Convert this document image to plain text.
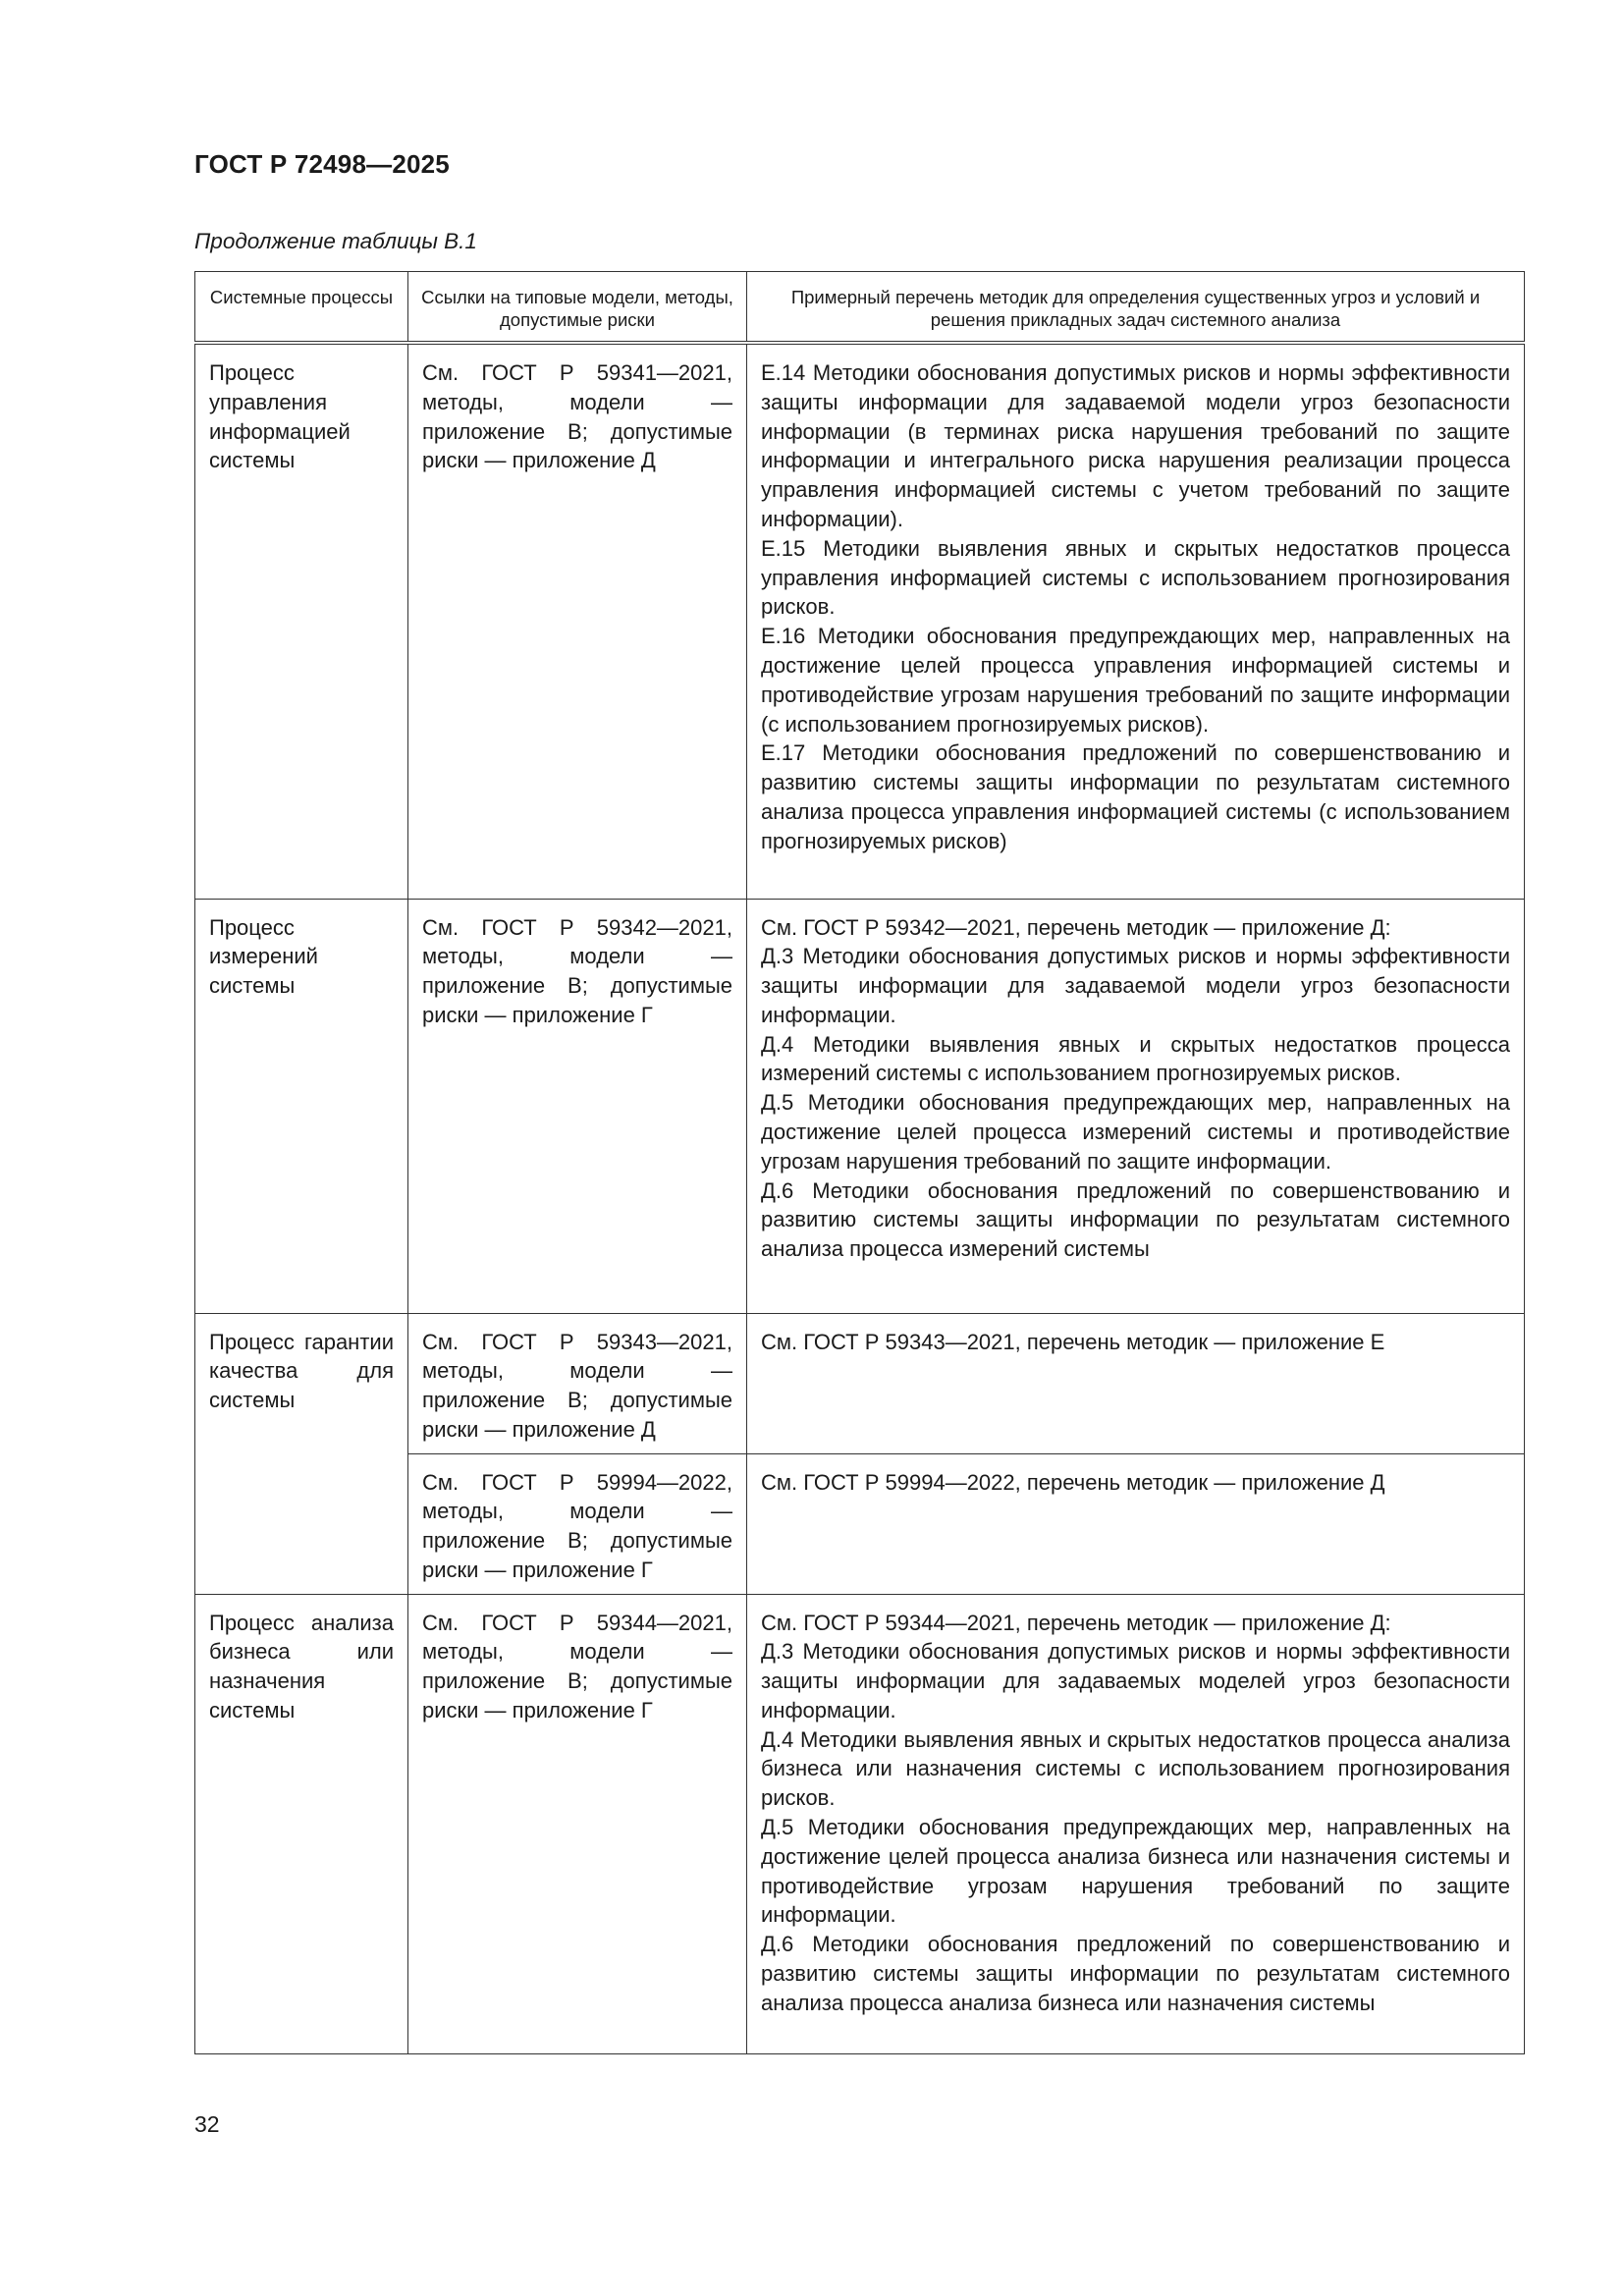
ГОСТ Р 72498—2025
Продолжение таблицы В.1
Системные процессы	Ссылки на типовые модели, методы, допустимые риски	Примерный перечень методик для определения существенных угроз и условий и решения прикладных задач системного анализа
Процесс управления информацией системы	См. ГОСТ Р 59341—2021, методы, модели — приложение В; допустимые риски — приложение Д	Е.14 Методики обоснования допустимых рисков и нормы эффективности защиты информации для задаваемой модели угроз безопасности информации (в терминах риска нарушения требований по защите информации и интегрального риска нарушения реализации процесса управления информацией системы с учетом требований по защите информации).
Е.15 Методики выявления явных и скрытых недостатков процесса управления информацией системы с использованием прогнозирования рисков.
Е.16 Методики обоснования предупреждающих мер, направленных на достижение целей процесса управления информацией системы и противодействие угрозам нарушения требований по защите информации (с использованием прогнозируемых рисков).
Е.17 Методики обоснования предложений по совершенствованию и развитию системы защиты информации по результатам системного анализа процесса управления информацией системы (с использованием прогнозируемых рисков)

Процесс измерений системы	См. ГОСТ Р 59342—2021, методы, модели — приложение В; допустимые риски — приложение Г	См. ГОСТ Р 59342—2021, перечень методик — приложение Д:
Д.3 Методики обоснования допустимых рисков и нормы эффективности защиты информации для задаваемой модели угроз безопасности информации.
Д.4 Методики выявления явных и скрытых недостатков процесса измерений системы с использованием прогнозируемых рисков.
Д.5 Методики обоснования предупреждающих мер, направленных на достижение целей процесса измерений системы и противодействие угрозам нарушения требований по защите информации.
Д.6 Методики обоснования предложений по совершенствованию и развитию системы защиты информации по результатам системного анализа процесса измерений системы

Процесс гарантии качества для системы	См. ГОСТ Р 59343—2021, методы, модели — приложение В; допустимые риски — приложение Д	См. ГОСТ Р 59343—2021, перечень методик — приложение Е

	См. ГОСТ Р 59994—2022, методы, модели — приложение В; допустимые риски — приложение Г	См. ГОСТ Р 59994—2022, перечень методик — приложение Д

Процесс анализа бизнеса или назначения системы	См. ГОСТ Р 59344—2021, методы, модели — приложение В; допустимые риски — приложение Г	См. ГОСТ Р 59344—2021, перечень методик — приложение Д:
Д.3 Методики обоснования допустимых рисков и нормы эффективности защиты информации для задаваемых моделей угроз безопасности информации.
Д.4 Методики выявления явных и скрытых недостатков процесса анализа бизнеса или назначения системы с использованием прогнозирования рисков.
Д.5 Методики обоснования предупреждающих мер, направленных на достижение целей процесса анализа бизнеса или назначения системы и противодействие угрозам нарушения требований по защите информации.
Д.6 Методики обоснования предложений по совершенствованию и развитию системы защиты информации по результатам системного анализа процесса анализа бизнеса или назначения системы
32
